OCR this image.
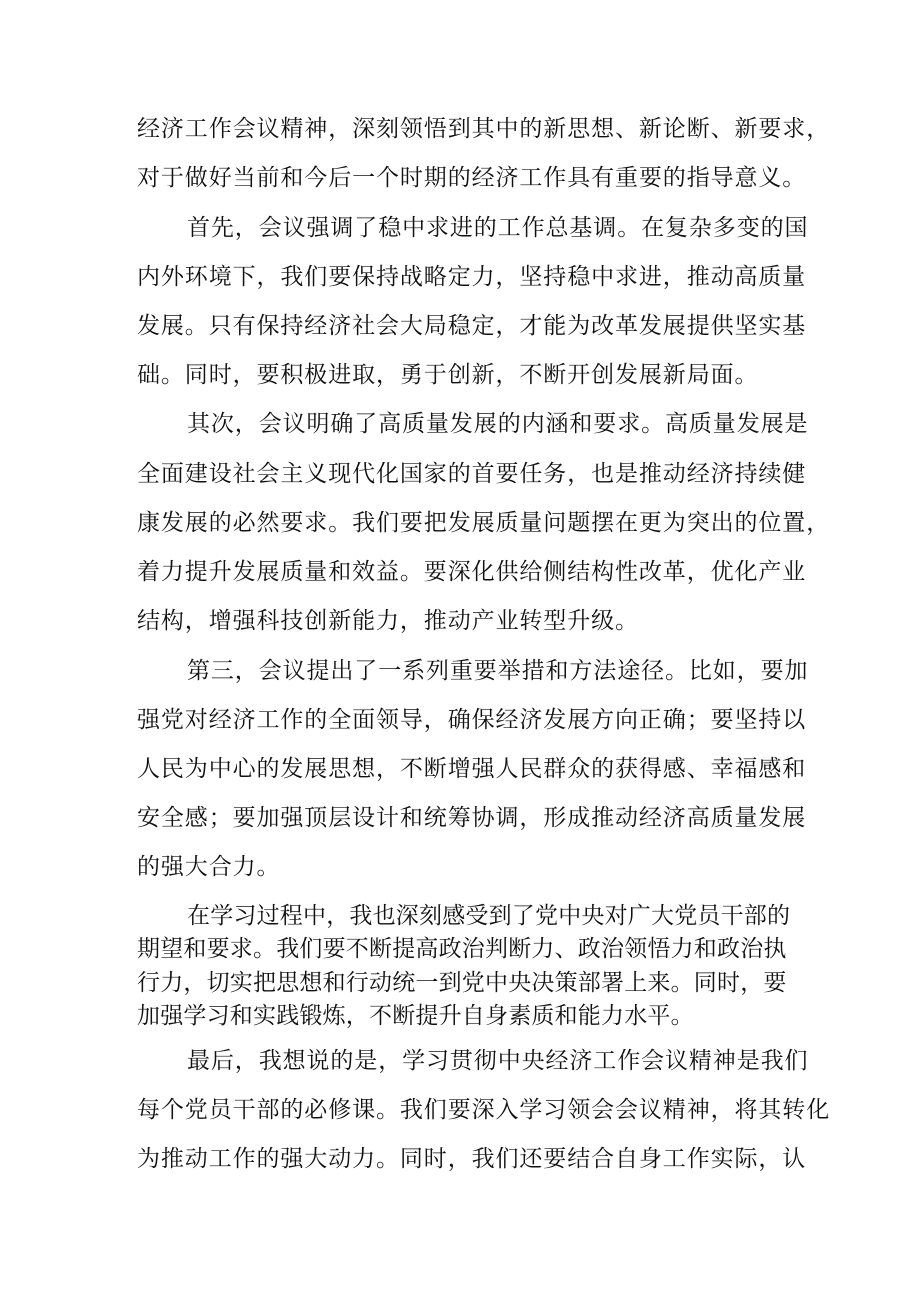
经济工作会议精神，深刻领悟到其中的新思想、新论断、新要求，
对于做好当前和今后一个时期的经济工作具有重要的指导意义。
首先，会议强调了稳中求进的工作总基调。在复杂多变的国
内外环境下，我们要保持战略定力，坚持稳中求进，推动高质量
发展。只有保持经济社会大局稳定，才能为改革发展提供坚实基
础。同时，要积极进取，勇于创新，不断开创发展新局面。
其次，会议明确了高质量发展的内涵和要求。高质量发展是
全面建设社会主义现代化国家的首要任务，也是推动经济持续健
康发展的必然要求。我们要把发展质量问题摆在更为突出的位置，
着力提升发展质量和效益。要深化供给侧结构性改革，优化产业
结构，增强科技创新能力，推动产业转型升级。
第三，会议提出了一系列重要举措和方法途径。比如，要加
强党对经济工作的全面领导，确保经济发展方向正确；要坚持以
人民为中心的发展思想，不断增强人民群众的获得感、幸福感和
安全感；要加强顶层设计和统筹协调，形成推动经济高质量发展
的强大合力。
在学习过程中，我也深刻感受到了党中央对广大党员干部的
期望和要求。我们要不断提高政治判断力、政治领悟力和政治执
行力，切实把思想和行动统一到党中央决策部署上来。同时，要
加强学习和实践锻炼，不断提升自身素质和能力水平。
最后，我想说的是，学习贯彻中央经济工作会议精神是我们
每个党员干部的必修课。我们要深入学习领会会议精神，将其转化
为推动工作的强大动力。同时，我们还要结合自身工作实际，认
